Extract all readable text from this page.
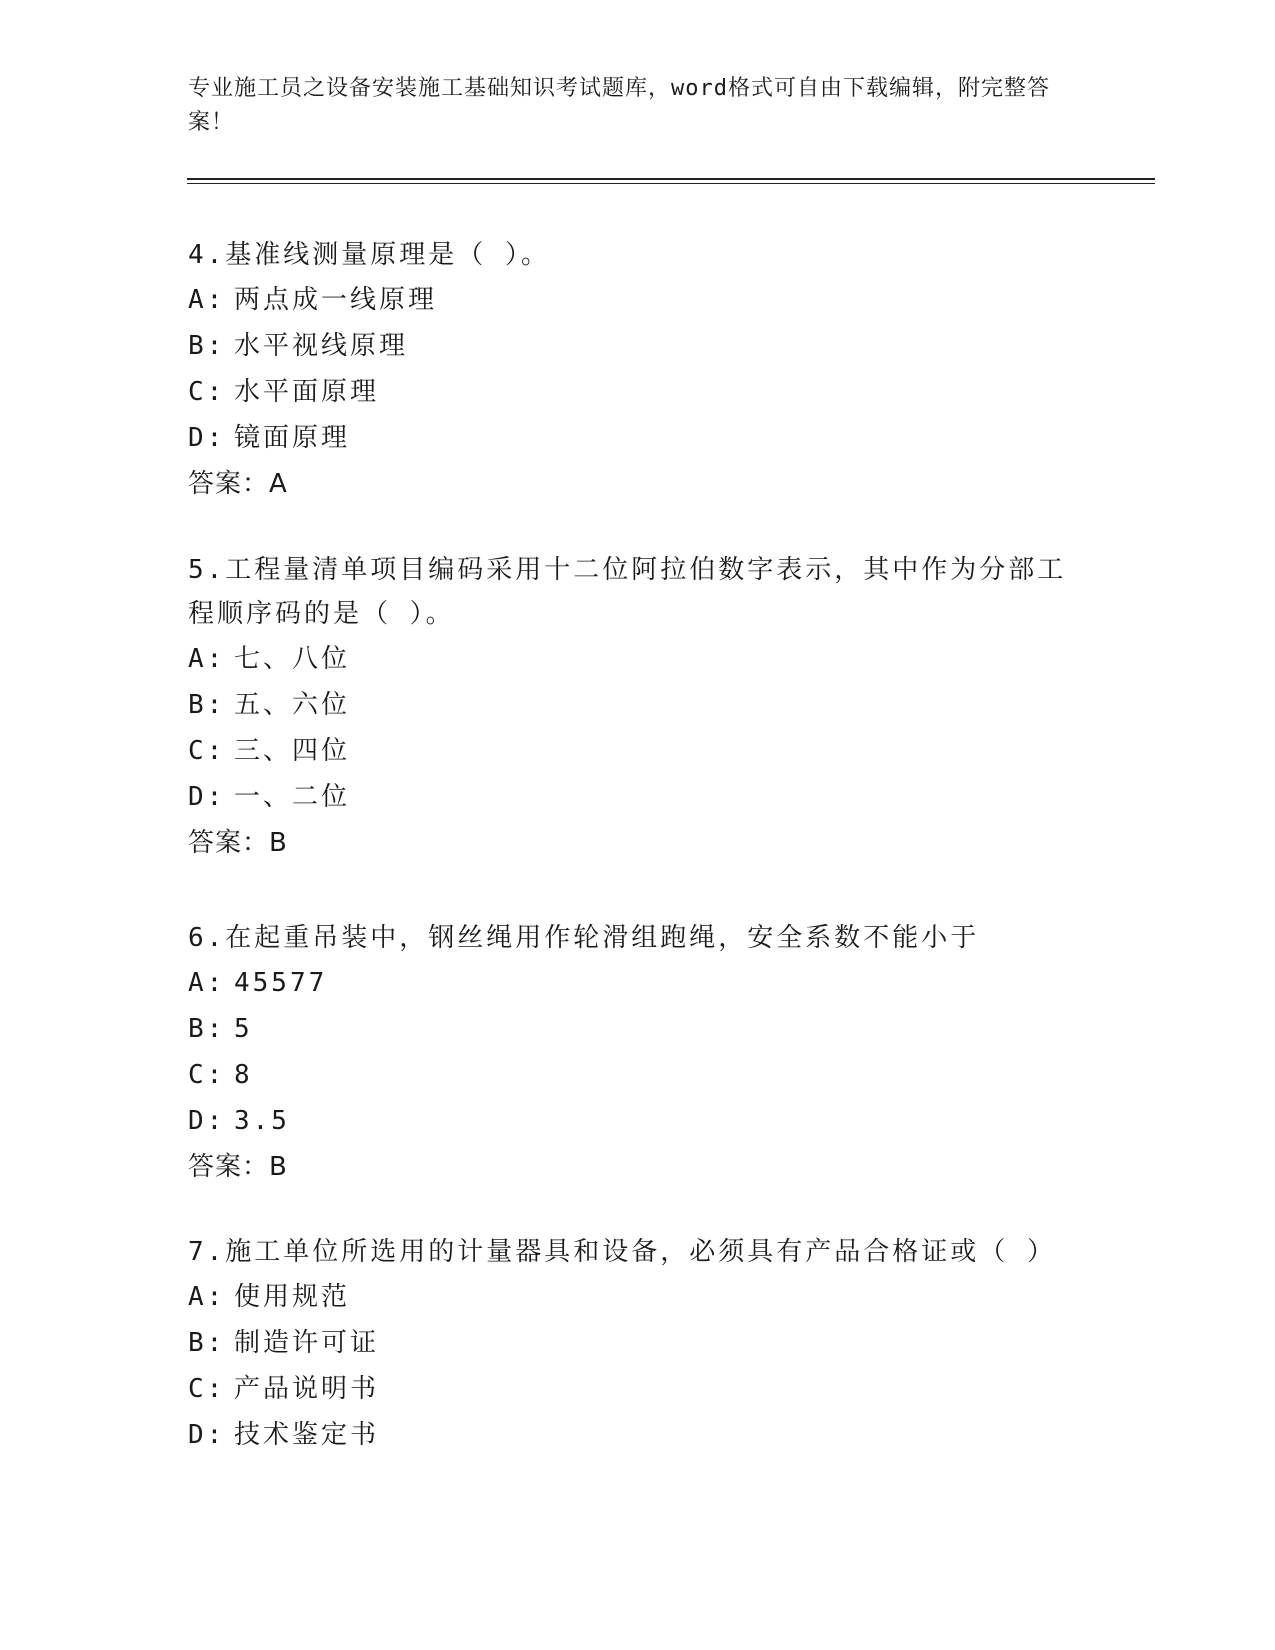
专业施工员之设备安装施工基础知识考试题库，word格式可自由下载编辑，附完整答案！

4.基准线测量原理是（ ）。

A: 两点成一线原理

B: 水平视线原理

C: 水平面原理

D: 镜面原理

答案：A

5.工程量清单项目编码采用十二位阿拉伯数字表示，其中作为分部工程顺序码的是（ ）。

A: 七、八位

B: 五、六位

C: 三、四位

D: 一、二位

答案：B

6.在起重吊装中，钢丝绳用作轮滑组跑绳，安全系数不能小于

A: 45577

B: 5

C: 8

D: 3.5

答案：B

7.施工单位所选用的计量器具和设备，必须具有产品合格证或（ ）

A: 使用规范

B: 制造许可证

C: 产品说明书

D: 技术鉴定书
